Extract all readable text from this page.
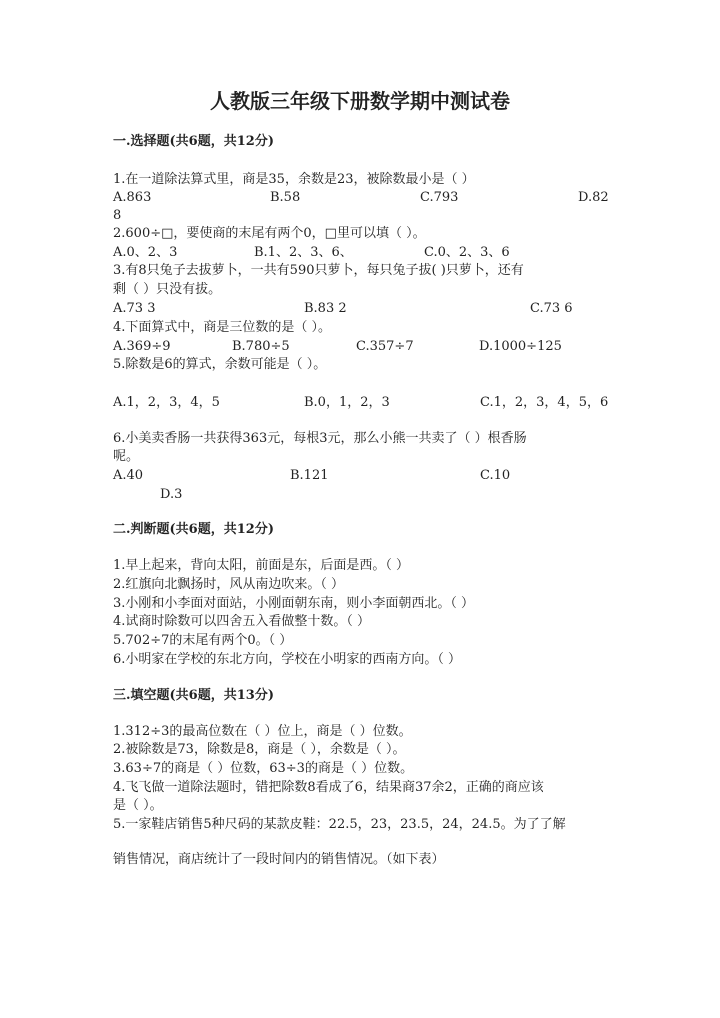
人教版三年级下册数学期中测试卷
一.选择题(共6题，共12分)
1.在一道除法算式里，商是35，余数是23，被除数最小是（ ）
A.863	B.58	C.793	D.82
8
2.600÷□，要使商的末尾有两个0，□里可以填（ ）。
A.0、2、3	B.1、2、3、6、	C.0、2、3、6
3.有8只兔子去拔萝卜，一共有590只萝卜，每只兔子拔( )只萝卜，还有
剩（ ）只没有拔。
A.73 3	B.83 2	C.73 6
4.下面算式中，商是三位数的是（ ）。
A.369÷9	B.780÷5	C.357÷7	D.1000÷125
5.除数是6的算式，余数可能是（ ）。
A.1，2，3，4，5	B.0，1，2，3	C.1，2，3，4，5，6
6.小美卖香肠一共获得363元，每根3元，那么小熊一共卖了（ ）根香肠
呢。
A.40	B.121	C.10
D.3
二.判断题(共6题，共12分)
1.早上起来，背向太阳，前面是东，后面是西。（ ）
2.红旗向北飘扬时，风从南边吹来。（ ）
3.小刚和小李面对面站，小刚面朝东南，则小李面朝西北。（ ）
4.试商时除数可以四舍五入看做整十数。（ ）
5.702÷7的末尾有两个0。（ ）
6.小明家在学校的东北方向，学校在小明家的西南方向。（ ）
三.填空题(共6题，共13分)
1.312÷3的最高位数在（ ）位上，商是（ ）位数。
2.被除数是73，除数是8，商是（ ），余数是（ ）。
3.63÷7的商是（ ）位数，63÷3的商是（ ）位数。
4.飞飞做一道除法题时，错把除数8看成了6，结果商37余2，正确的商应该
是（ ）。
5.一家鞋店销售5种尺码的某款皮鞋：22.5，23，23.5，24，24.5。为了了解
销售情况，商店统计了一段时间内的销售情况。（如下表）
